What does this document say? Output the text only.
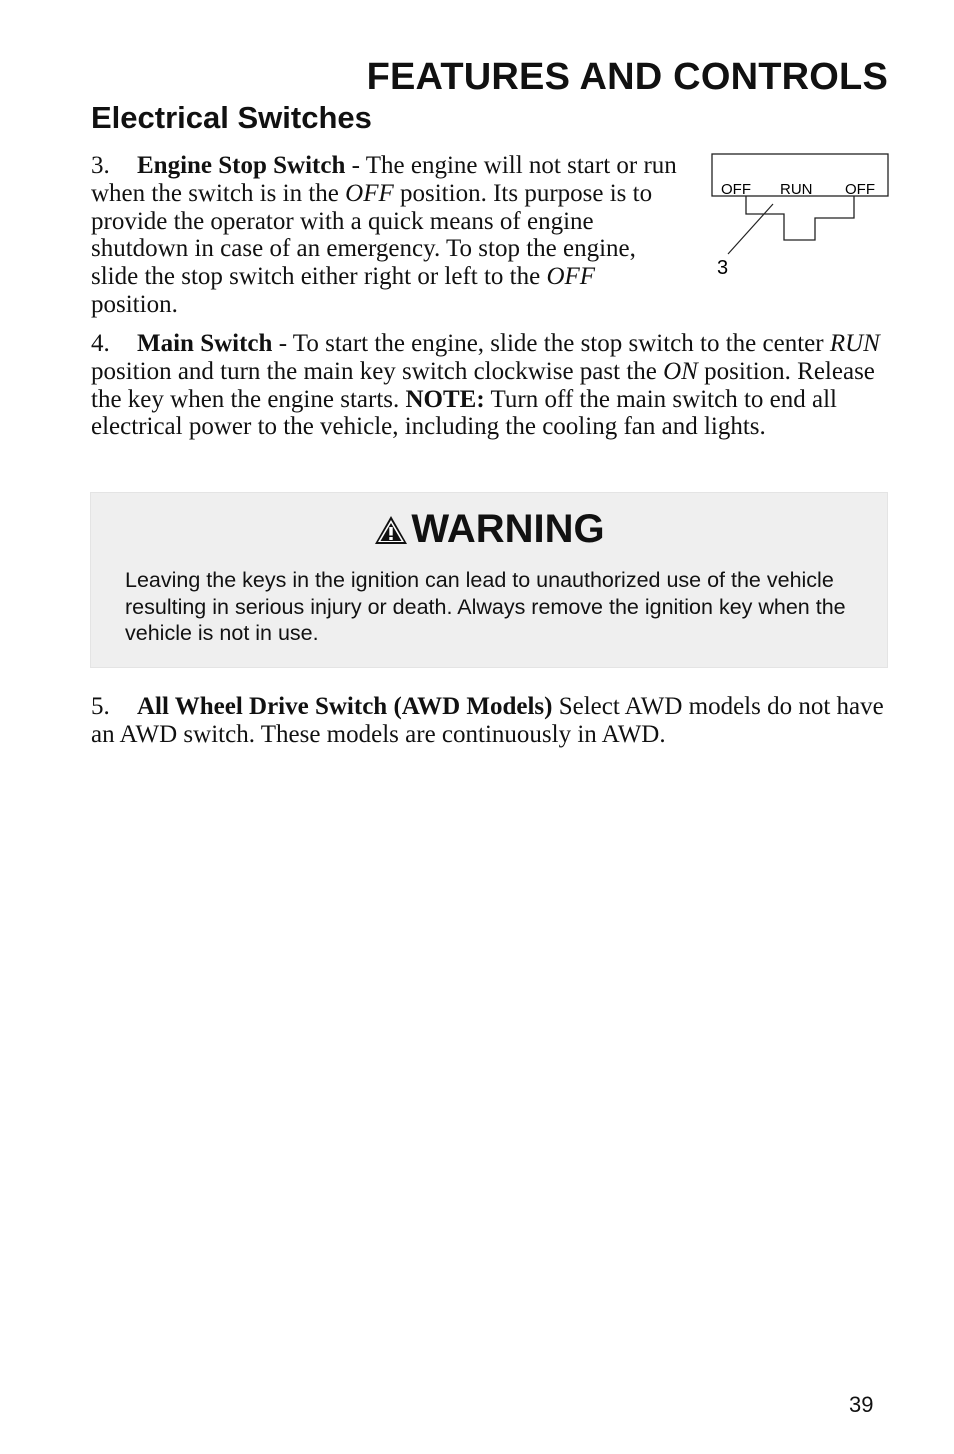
FEATURES AND CONTROLS
Electrical Switches

3. Engine Stop Switch - The engine will not start or run when the switch is in the OFF position. Its purpose is to provide the operator with a quick means of engine shutdown in case of an emergency. To stop the engine, slide the stop switch either right or left to the OFF position.

OFF RUN OFF
3

4. Main Switch - To start the engine, slide the stop switch to the center RUN position and turn the main key switch clockwise past the ON position. Release the key when the engine starts. NOTE: Turn off the main switch to end all electrical power to the vehicle, including the cooling fan and lights.

WARNING

Leaving the keys in the ignition can lead to unauthorized use of the vehicle resulting in serious injury or death. Always remove the ignition key when the vehicle is not in use.

5. All Wheel Drive Switch (AWD Models) Select AWD models do not have an AWD switch. These models are continuously in AWD.

39
